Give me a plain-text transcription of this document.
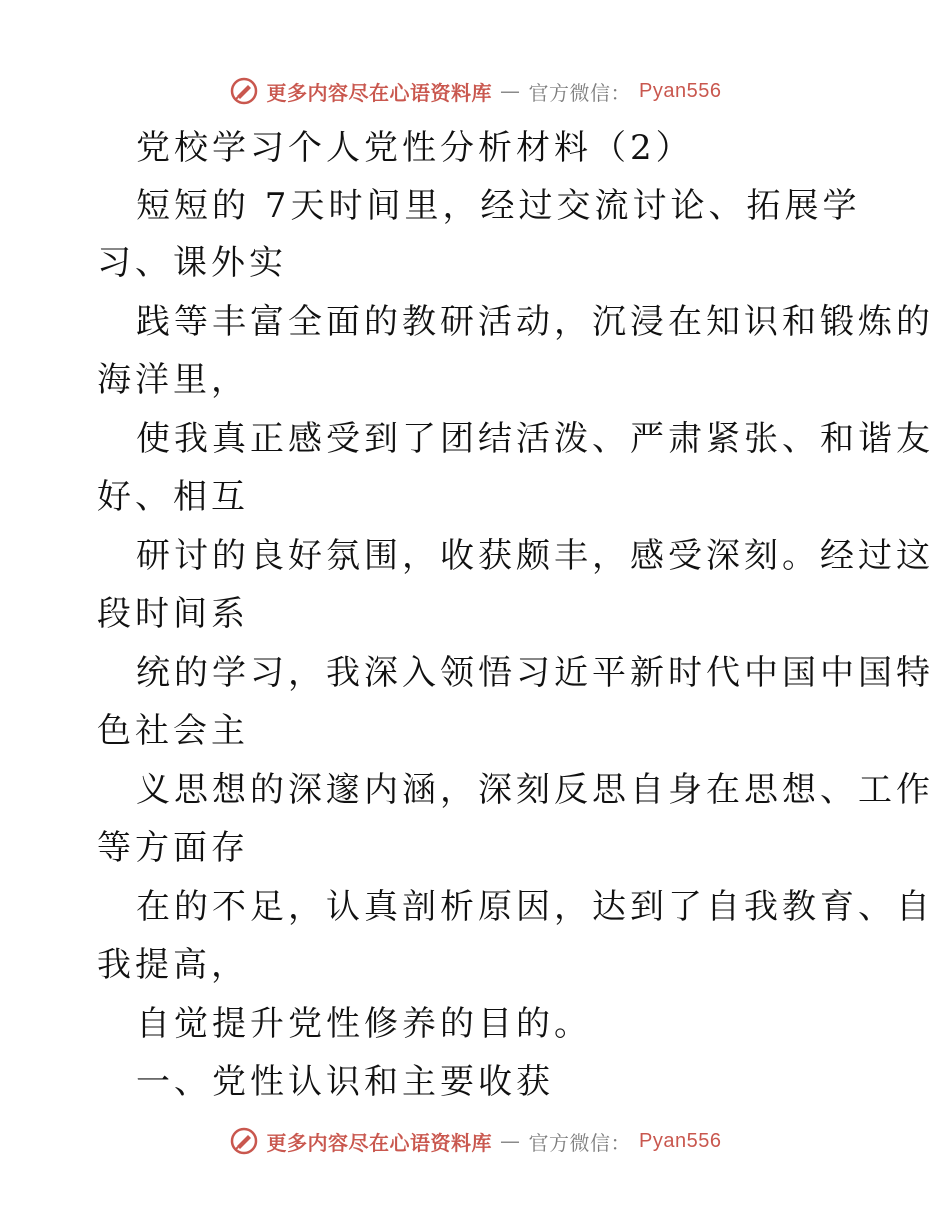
更多内容尽在心语资料库 — 官方微信： Pyan556
党校学习个人党性分析材料（2）
短短的 7天时间里，经过交流讨论、拓展学
习、课外实
践等丰富全面的教研活动，沉浸在知识和锻炼的
海洋里，
使我真正感受到了团结活泼、严肃紧张、和谐友
好、相互
研讨的良好氛围，收获颇丰，感受深刻。经过这
段时间系
统的学习，我深入领悟习近平新时代中国中国特
色社会主
义思想的深邃内涵，深刻反思自身在思想、工作
等方面存
在的不足，认真剖析原因，达到了自我教育、自
我提高，
自觉提升党性修养的目的。
一、党性认识和主要收获
更多内容尽在心语资料库 — 官方微信： Pyan556
